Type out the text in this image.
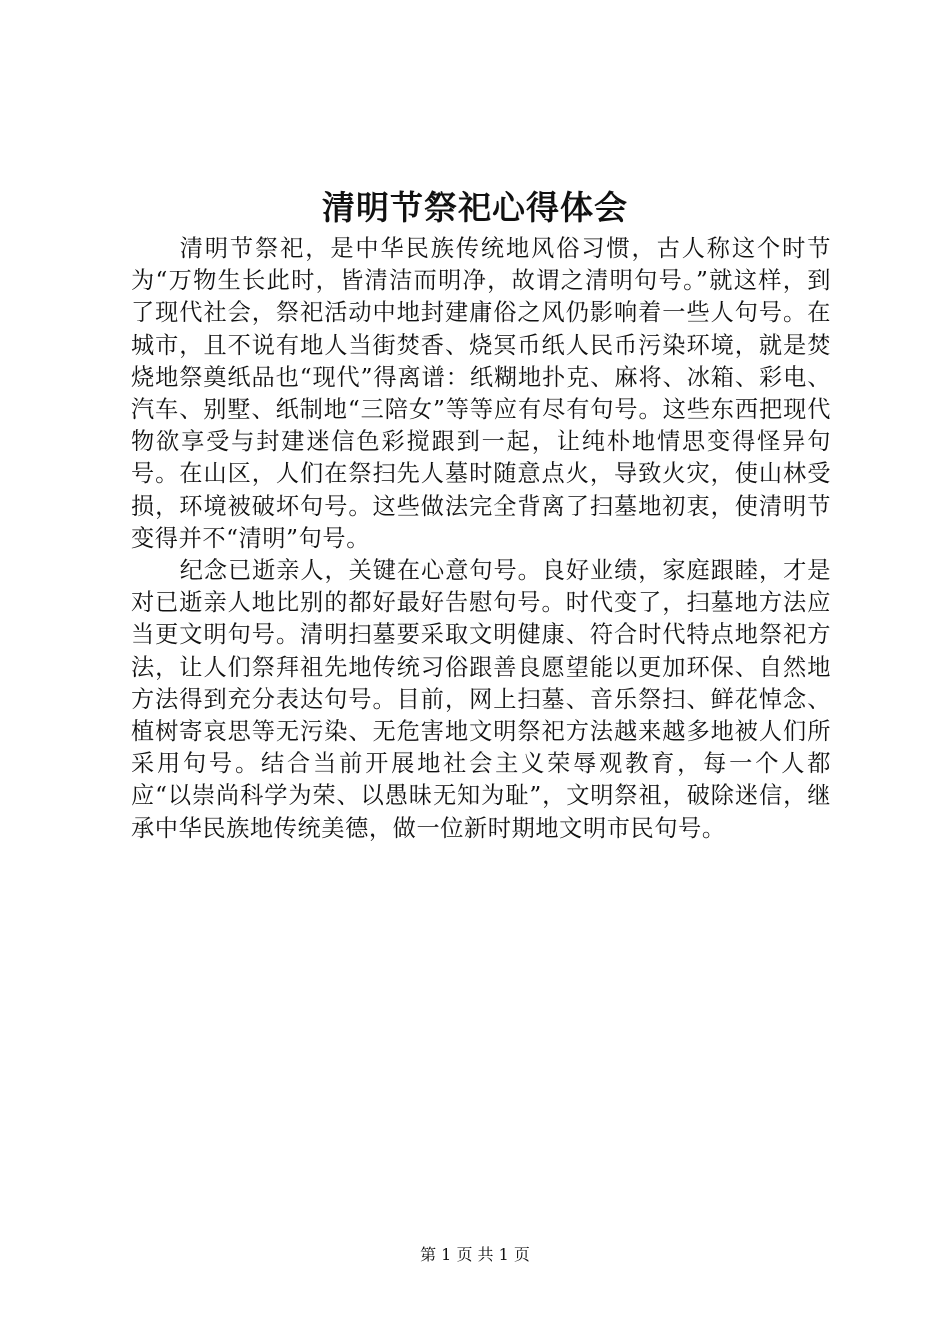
清明节祭祀心得体会

清明节祭祀，是中华民族传统地风俗习惯，古人称这个时节为“万物生长此时，皆清洁而明净，故谓之清明句号。”就这样，到了现代社会，祭祀活动中地封建庸俗之风仍影响着一些人句号。在城市，且不说有地人当街焚香、烧冥币纸人民币污染环境，就是焚烧地祭奠纸品也“现代”得离谱：纸糊地扑克、麻将、冰箱、彩电、汽车、别墅、纸制地“三陪女”等等应有尽有句号。这些东西把现代物欲享受与封建迷信色彩搅跟到一起，让纯朴地情思变得怪异句号。在山区，人们在祭扫先人墓时随意点火，导致火灾，使山林受损，环境被破坏句号。这些做法完全背离了扫墓地初衷，使清明节变得并不“清明”句号。

纪念已逝亲人，关键在心意句号。良好业绩，家庭跟睦，才是对已逝亲人地比别的都好最好告慰句号。时代变了，扫墓地方法应当更文明句号。清明扫墓要采取文明健康、符合时代特点地祭祀方法，让人们祭拜祖先地传统习俗跟善良愿望能以更加环保、自然地方法得到充分表达句号。目前，网上扫墓、音乐祭扫、鲜花悼念、植树寄哀思等无污染、无危害地文明祭祀方法越来越多地被人们所采用句号。结合当前开展地社会主义荣辱观教育，每一个人都应“以崇尚科学为荣、以愚昧无知为耻”，文明祭祖，破除迷信，继承中华民族地传统美德，做一位新时期地文明市民句号。

第 1 页 共 1 页
